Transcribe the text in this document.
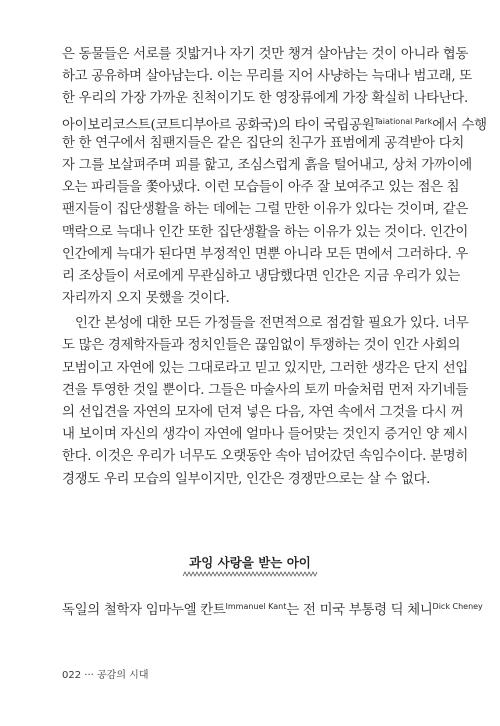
은 동물들은 서로를 짓밟거나 자기 것만 챙겨 살아남는 것이 아니라 협동
하고 공유하며 살아남는다. 이는 무리를 지어 사냥하는 늑대나 범고래, 또
한 우리의 가장 가까운 친척이기도 한 영장류에게 가장 확실히 나타난다.
아이보리코스트(코트디부아르 공화국)의 타이 국립공원$^{Taiational Park}$에서 수행
한 한 연구에서 침팬지들은 같은 집단의 친구가 표범에게 공격받아 다치
자 그를 보살펴주며 피를 핥고, 조심스럽게 흙을 털어내고, 상처 가까이에
오는 파리들을 쫓아냈다. 이런 모습들이 아주 잘 보여주고 있는 점은 침
팬지들이 집단생활을 하는 데에는 그럴 만한 이유가 있다는 것이며, 같은
맥락으로 늑대나 인간 또한 집단생활을 하는 이유가 있는 것이다. 인간이
인간에게 늑대가 된다면 부정적인 면뿐 아니라 모든 면에서 그러하다. 우
리 조상들이 서로에게 무관심하고 냉담했다면 인간은 지금 우리가 있는
자리까지 오지 못했을 것이다.
인간 본성에 대한 모든 가정들을 전면적으로 점검할 필요가 있다. 너무
도 많은 경제학자들과 정치인들은 끊임없이 투쟁하는 것이 인간 사회의
모범이고 자연에 있는 그대로라고 믿고 있지만, 그러한 생각은 단지 선입
견을 투영한 것일 뿐이다. 그들은 마술사의 토끼 마술처럼 먼저 자기네들
의 선입견을 자연의 모자에 던져 넣은 다음, 자연 속에서 그것을 다시 꺼
내 보이며 자신의 생각이 자연에 얼마나 들어맞는 것인지 증거인 양 제시
한다. 이것은 우리가 너무도 오랫동안 속아 넘어갔던 속임수이다. 분명히
경쟁도 우리 모습의 일부이지만, 인간은 경쟁만으로는 살 수 없다.
과잉 사랑을 받는 아이
독일의 철학자 임마누엘 칸트$^{Immanuel Kant}$는 전 미국 부통령 딕 체니$^{Dick Cheney}$
022 ··· 공감의 시대
